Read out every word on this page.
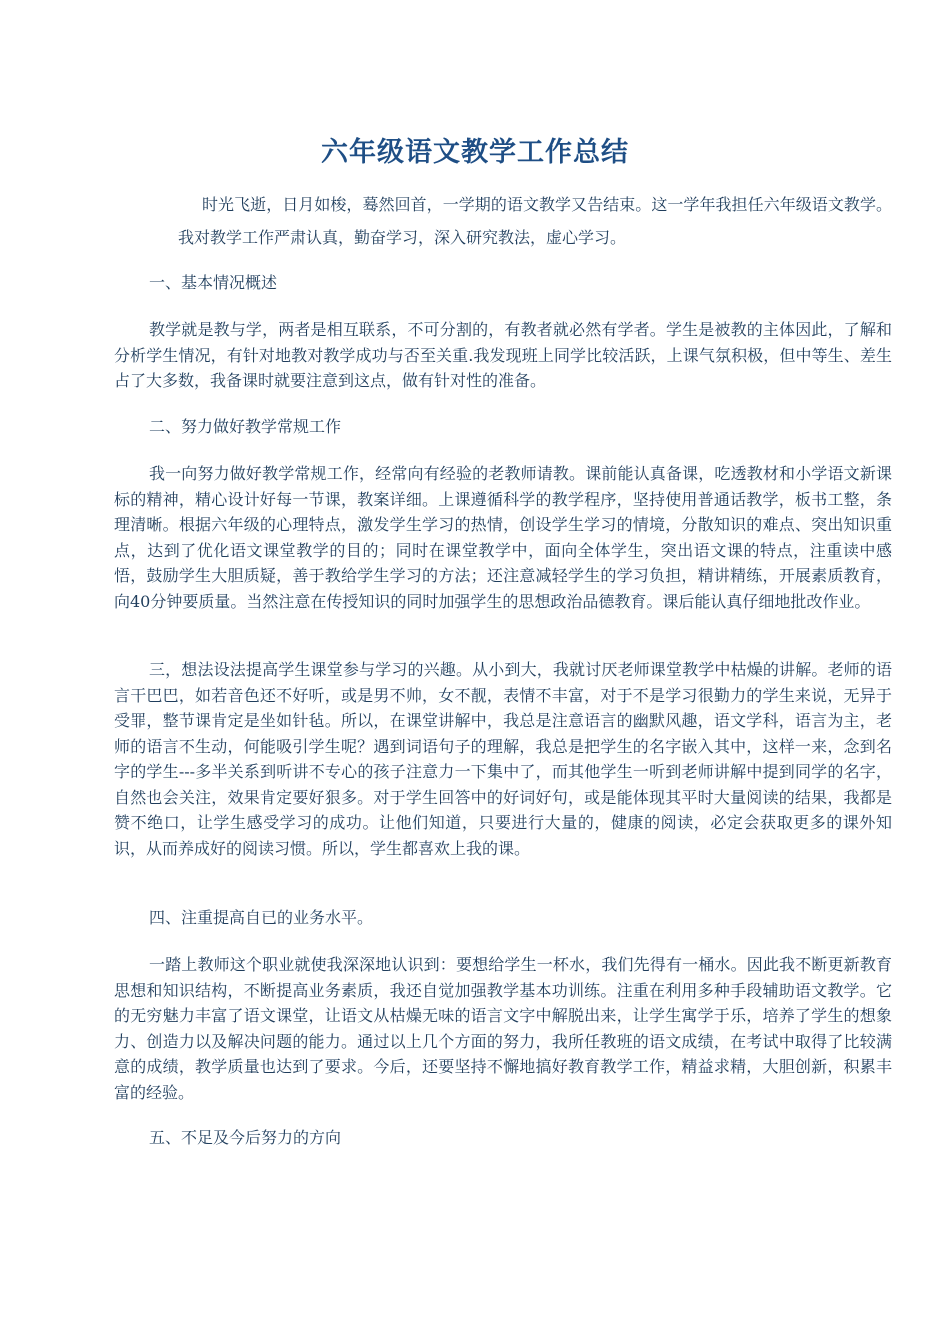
六年级语文教学工作总结
时光飞逝，日月如梭，蓦然回首，一学期的语文教学又告结束。这一学年我担任六年级语文教学。我对教学工作严肃认真，勤奋学习，深入研究教法，虚心学习。
一、基本情况概述
教学就是教与学，两者是相互联系，不可分割的，有教者就必然有学者。学生是被教的主体因此，了解和分析学生情况，有针对地教对教学成功与否至关重.我发现班上同学比较活跃，上课气氛积极，但中等生、差生占了大多数，我备课时就要注意到这点，做有针对性的准备。
二、努力做好教学常规工作
我一向努力做好教学常规工作，经常向有经验的老教师请教。课前能认真备课，吃透教材和小学语文新课标的精神，精心设计好每一节课，教案详细。上课遵循科学的教学程序，坚持使用普通话教学，板书工整，条理清晰。根据六年级的心理特点，激发学生学习的热情，创设学生学习的情境，分散知识的难点、突出知识重点，达到了优化语文课堂教学的目的；同时在课堂教学中，面向全体学生，突出语文课的特点，注重读中感悟，鼓励学生大胆质疑，善于教给学生学习的方法；还注意减轻学生的学习负担，精讲精练，开展素质教育，向40分钟要质量。当然注意在传授知识的同时加强学生的思想政治品德教育。课后能认真仔细地批改作业。
三，想法设法提高学生课堂参与学习的兴趣。从小到大，我就讨厌老师课堂教学中枯燥的讲解。老师的语言干巴巴，如若音色还不好听，或是男不帅，女不靓，表情不丰富，对于不是学习很勤力的学生来说，无异于受罪，整节课肯定是坐如针毡。所以，在课堂讲解中，我总是注意语言的幽默风趣，语文学科，语言为主，老师的语言不生动，何能吸引学生呢？遇到词语句子的理解，我总是把学生的名字嵌入其中，这样一来，念到名字的学生---多半关系到听讲不专心的孩子注意力一下集中了，而其他学生一听到老师讲解中提到同学的名字，自然也会关注，效果肯定要好狠多。对于学生回答中的好词好句，或是能体现其平时大量阅读的结果，我都是赞不绝口，让学生感受学习的成功。让他们知道，只要进行大量的，健康的阅读，必定会获取更多的课外知识，从而养成好的阅读习惯。所以，学生都喜欢上我的课。
四、注重提高自已的业务水平。
一踏上教师这个职业就使我深深地认识到：要想给学生一杯水，我们先得有一桶水。因此我不断更新教育思想和知识结构，不断提高业务素质，我还自觉加强教学基本功训练。注重在利用多种手段辅助语文教学。它的无穷魅力丰富了语文课堂，让语文从枯燥无味的语言文字中解脱出来，让学生寓学于乐，培养了学生的想象力、创造力以及解决问题的能力。通过以上几个方面的努力，我所任教班的语文成绩，在考试中取得了比较满意的成绩，教学质量也达到了要求。今后，还要坚持不懈地搞好教育教学工作，精益求精，大胆创新，积累丰富的经验。
五、不足及今后努力的方向
